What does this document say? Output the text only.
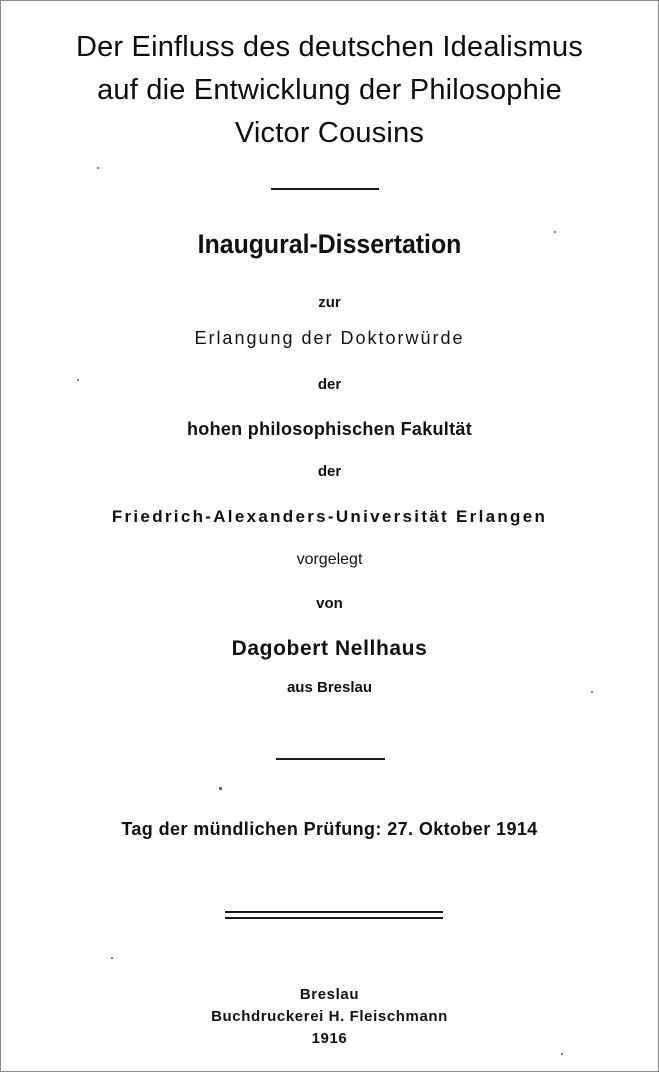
Der Einfluss des deutschen Idealismus
auf die Entwicklung der Philosophie
Victor Cousins
Inaugural-Dissertation
zur
Erlangung der Doktorwürde
der
hohen philosophischen Fakultät
der
Friedrich-Alexanders-Universität Erlangen
vorgelegt
von
Dagobert Nellhaus
aus Breslau
Tag der mündlichen Prüfung: 27. Oktober 1914
Breslau
Buchdruckerei H. Fleischmann
1916
